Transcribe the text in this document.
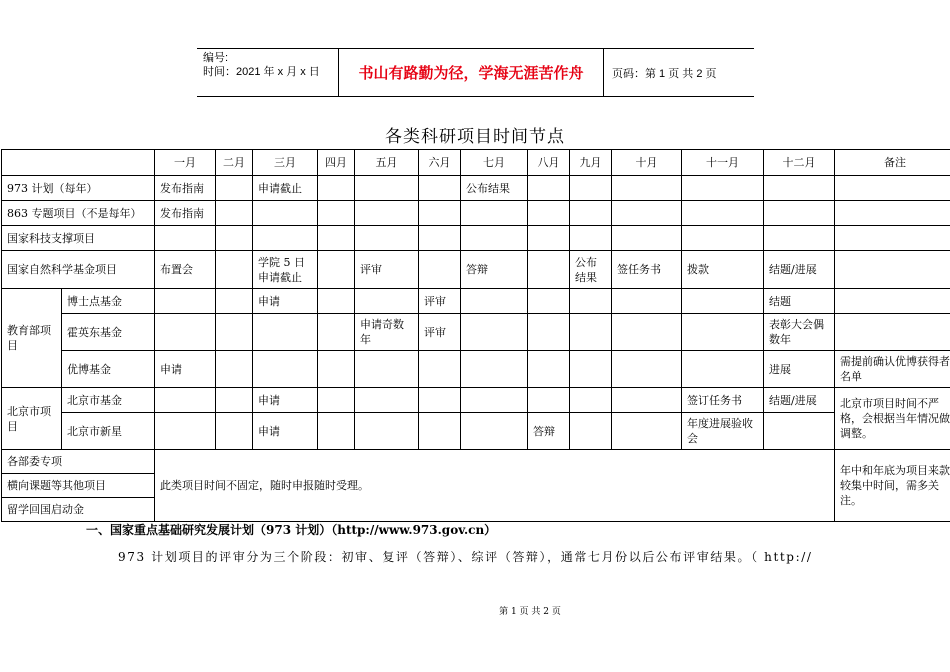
编号:
时间：2021 年 x 月 x 日	书山有路勤为径，学海无涯苦作舟	页码：第 1 页 共 2 页
各类科研项目时间节点
		一月	二月	三月	四月	五月	六月	七月	八月	九月	十月	十一月	十二月	备注
973 计划（每年）		发布指南		申请截止				公布结果						
863 专题项目（不是每年）		发布指南												
国家科技支撑项目														
国家自然科学基金项目		布置会		学院 5 日申请截止		评审		答辩		公布结果	签任务书	拨款	结题/进展	
教育部项目	博士点基金			申请			评审						结题	
	霍英东基金					申请奇数年	评审						表彰大会偶数年	
	优博基金	申请											进展	需提前确认优博获得者名单
北京市项目	北京市基金			申请								签订任务书	结题/进展	北京市项目时间不严格，会根据当年情况做调整。
	北京市新星			申请					答辩			年度进展验收会		
各部委专项		此类项目时间不固定，随时申报随时受理。												年中和年底为项目来款较集中时间，需多关注。
横向课题等其他项目														
留学回国启动金														
一、国家重点基础研究发展计划（973 计划）（http://www.973.gov.cn）
973 计划项目的评审分为三个阶段：初审、复评（答辩）、综评（答辩），通常七月份以后公布评审结果。（ http://
第 1 页 共 2 页
